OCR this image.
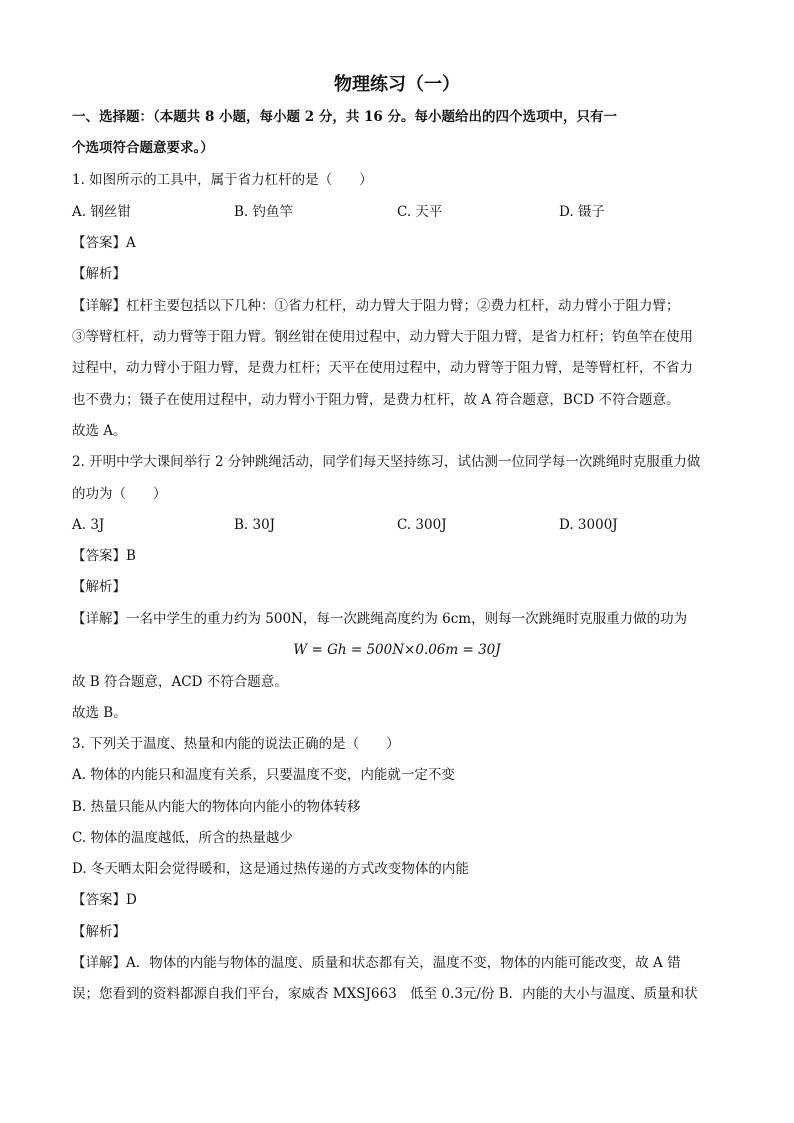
物理练习（一）
一、选择题：（本题共 8 小题，每小题 2 分，共 16 分。每小题给出的四个选项中，只有一
个选项符合题意要求。）
1. 如图所示的工具中，属于省力杠杆的是（　　）
A. 钢丝钳	B. 钓鱼竿	C. 天平	D. 镊子
【答案】A
【解析】
【详解】杠杆主要包括以下几种：①省力杠杆，动力臂大于阻力臂；②费力杠杆，动力臂小于阻力臂；
③等臂杠杆，动力臂等于阻力臂。钢丝钳在使用过程中，动力臂大于阻力臂，是省力杠杆；钓鱼竿在使用
过程中，动力臂小于阻力臂，是费力杠杆；天平在使用过程中，动力臂等于阻力臂，是等臂杠杆，不省力
也不费力；镊子在使用过程中，动力臂小于阻力臂，是费力杠杆，故 A 符合题意，BCD 不符合题意。
故选 A。
2. 开明中学大课间举行 2 分钟跳绳活动，同学们每天坚持练习，试估测一位同学每一次跳绳时克服重力做
的功为（　　）
A. 3J	B. 30J	C. 300J	D. 3000J
【答案】B
【解析】
【详解】一名中学生的重力约为 500N，每一次跳绳高度约为 6cm，则每一次跳绳时克服重力做的功为
W = Gh = 500N×0.06m = 30J
故 B 符合题意，ACD 不符合题意。
故选 B。
3. 下列关于温度、热量和内能的说法正确的是（　　）
A. 物体的内能只和温度有关系，只要温度不变，内能就一定不变
B. 热量只能从内能大的物体向内能小的物体转移
C. 物体的温度越低，所含的热量越少
D. 冬天晒太阳会觉得暖和，这是通过热传递的方式改变物体的内能
【答案】D
【解析】
【详解】A．物体的内能与物体的温度、质量和状态都有关，温度不变，物体的内能可能改变，故 A 错
误；您看到的资料都源自我们平台，家威杏 MXSJ663　低至 0.3元/份 B．内能的大小与温度、质量和状
